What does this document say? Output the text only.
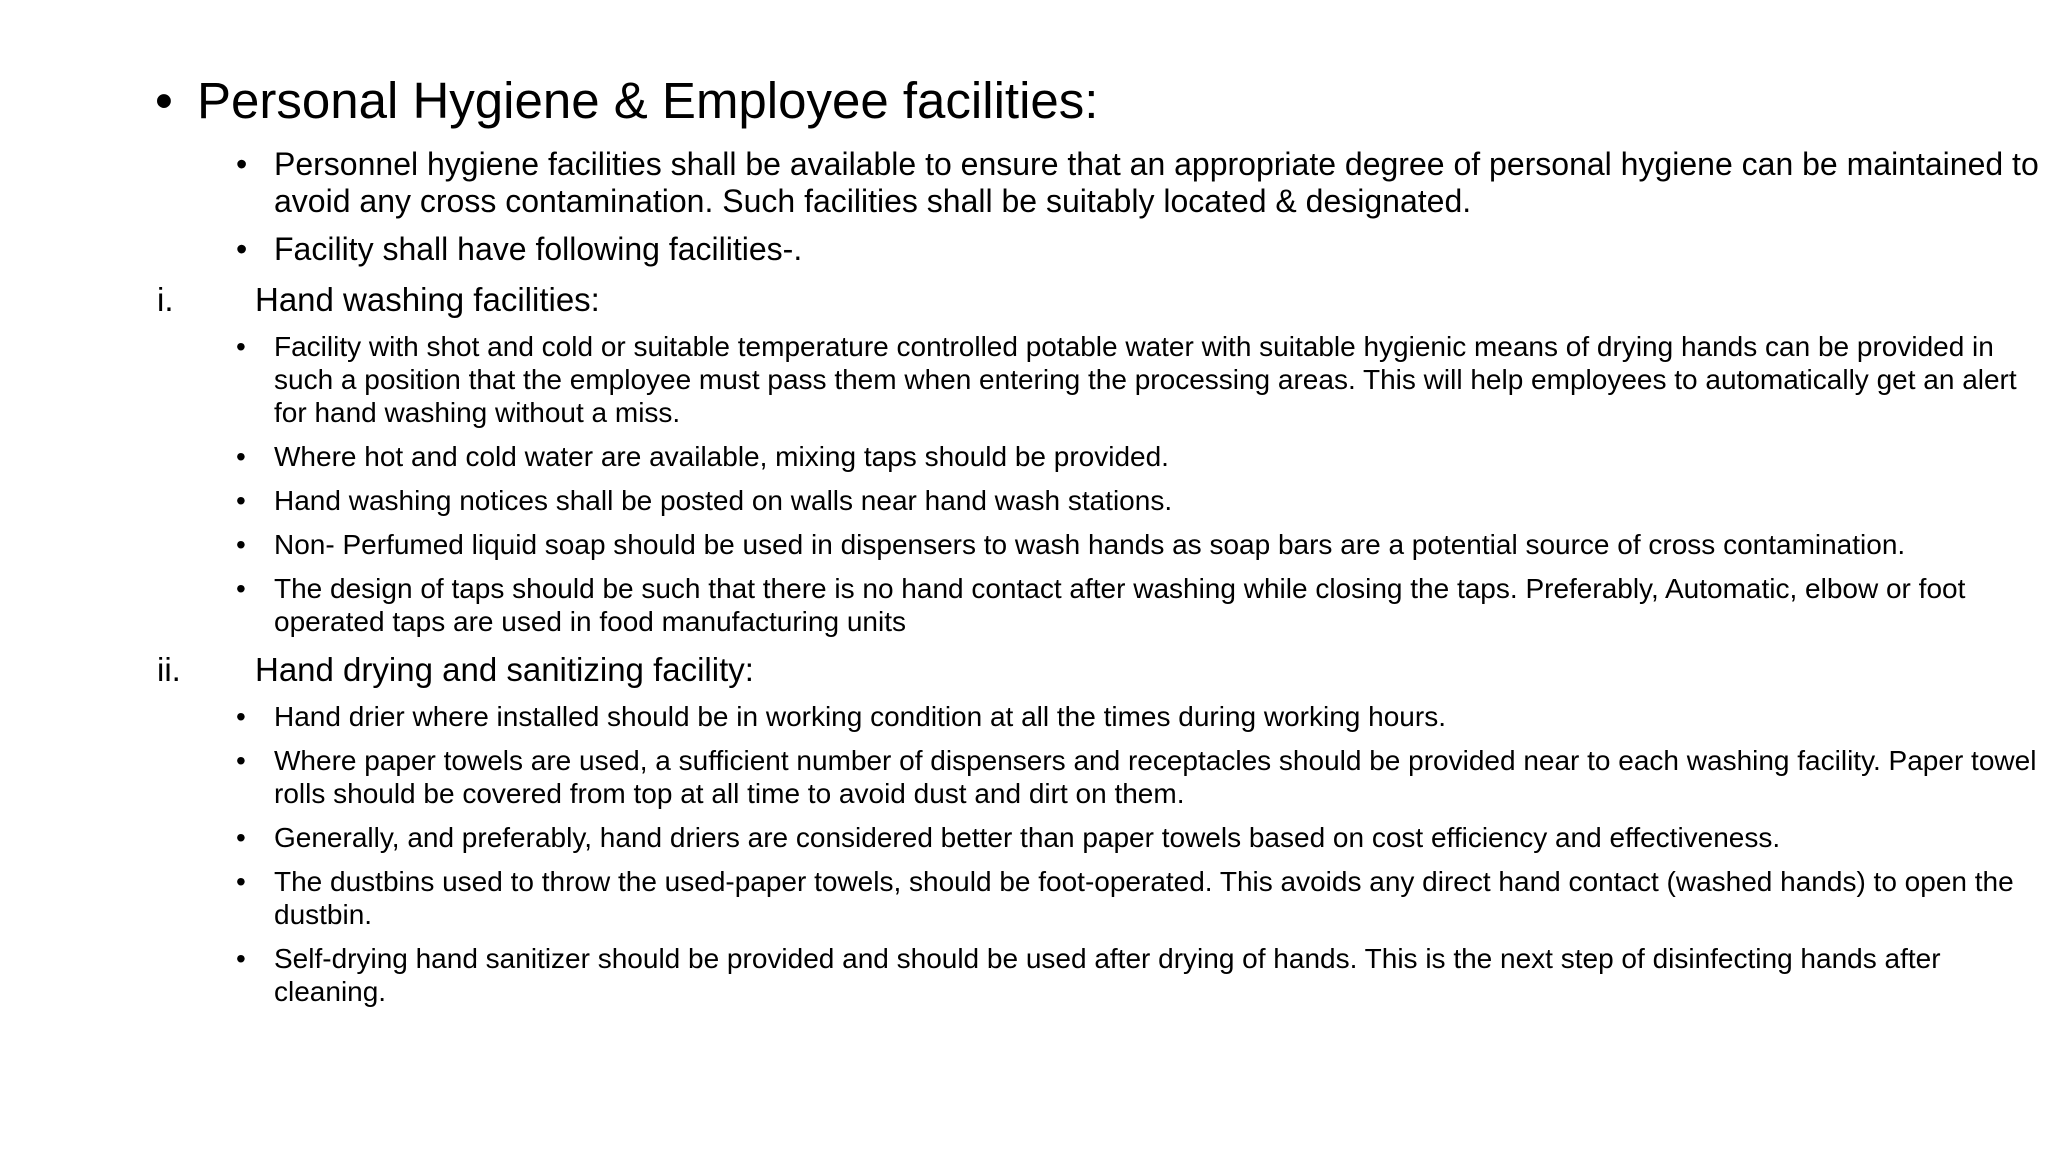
• Personal Hygiene & Employee facilities:
• Personnel hygiene facilities shall be available to ensure that an appropriate degree of personal hygiene can be maintained to avoid any cross contamination. Such facilities shall be suitably located & designated.
• Facility shall have following facilities-.
i. Hand washing facilities:
• Facility with shot and cold or suitable temperature controlled potable water with suitable hygienic means of drying hands can be provided in such a position that the employee must pass them when entering the processing areas. This will help employees to automatically get an alert for hand washing without a miss.
• Where hot and cold water are available, mixing taps should be provided.
• Hand washing notices shall be posted on walls near hand wash stations.
• Non- Perfumed liquid soap should be used in dispensers to wash hands as soap bars are a potential source of cross contamination.
• The design of taps should be such that there is no hand contact after washing while closing the taps. Preferably, Automatic, elbow or foot operated taps are used in food manufacturing units
ii. Hand drying and sanitizing facility:
• Hand drier where installed should be in working condition at all the times during working hours.
• Where paper towels are used, a sufficient number of dispensers and receptacles should be provided near to each washing facility. Paper towel rolls should be covered from top at all time to avoid dust and dirt on them.
• Generally, and preferably, hand driers are considered better than paper towels based on cost efficiency and effectiveness.
• The dustbins used to throw the used-paper towels, should be foot-operated. This avoids any direct hand contact (washed hands) to open the dustbin.
• Self-drying hand sanitizer should be provided and should be used after drying of hands. This is the next step of disinfecting hands after cleaning.
